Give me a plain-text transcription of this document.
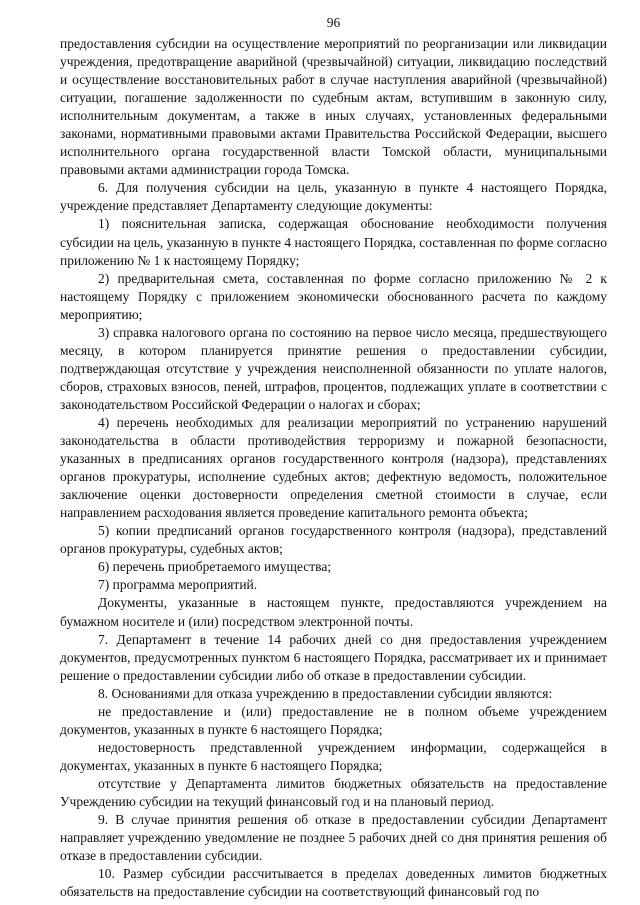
96

предоставления субсидии на осуществление мероприятий по реорганизации или ликвидации учреждения, предотвращение аварийной (чрезвычайной) ситуации, ликвидацию последствий и осуществление восстановительных работ в случае наступления аварийной (чрезвычайной) ситуации, погашение задолженности по судебным актам, вступившим в законную силу, исполнительным документам, а также в иных случаях, установленных федеральными законами, нормативными правовыми актами Правительства Российской Федерации, высшего исполнительного органа государственной власти Томской области, муниципальными правовыми актами администрации города Томска.

6. Для получения субсидии на цель, указанную в пункте 4 настоящего Порядка, учреждение представляет Департаменту следующие документы:

1) пояснительная записка, содержащая обоснование необходимости получения субсидии на цель, указанную в пункте 4 настоящего Порядка, составленная по форме согласно приложению № 1 к настоящему Порядку;

2) предварительная смета, составленная по форме согласно приложению № 2 к настоящему Порядку с приложением экономически обоснованного расчета по каждому мероприятию;

3) справка налогового органа по состоянию на первое число месяца, предшествующего месяцу, в котором планируется принятие решения о предоставлении субсидии, подтверждающая отсутствие у учреждения неисполненной обязанности по уплате налогов, сборов, страховых взносов, пеней, штрафов, процентов, подлежащих уплате в соответствии с законодательством Российской Федерации о налогах и сборах;

4) перечень необходимых для реализации мероприятий по устранению нарушений законодательства в области противодействия терроризму и пожарной безопасности, указанных в предписаниях органов государственного контроля (надзора), представлениях органов прокуратуры, исполнение судебных актов; дефектную ведомость, положительное заключение оценки достоверности определения сметной стоимости в случае, если направлением расходования является проведение капитального ремонта объекта;

5) копии предписаний органов государственного контроля (надзора), представлений органов прокуратуры, судебных актов;

6) перечень приобретаемого имущества;

7) программа мероприятий.

Документы, указанные в настоящем пункте, предоставляются учреждением на бумажном носителе и (или) посредством электронной почты.

7. Департамент в течение 14 рабочих дней со дня предоставления учреждением документов, предусмотренных пунктом 6 настоящего Порядка, рассматривает их и принимает решение о предоставлении субсидии либо об отказе в предоставлении субсидии.

8. Основаниями для отказа учреждению в предоставлении субсидии являются:

не предоставление и (или) предоставление не в полном объеме учреждением документов, указанных в пункте 6 настоящего Порядка;

недостоверность представленной учреждением информации, содержащейся в документах, указанных в пункте 6 настоящего Порядка;

отсутствие у Департамента лимитов бюджетных обязательств на предоставление Учреждению субсидии на текущий финансовый год и на плановый период.

9. В случае принятия решения об отказе в предоставлении субсидии Департамент направляет учреждению уведомление не позднее 5 рабочих дней со дня принятия решения об отказе в предоставлении субсидии.

10. Размер субсидии рассчитывается в пределах доведенных лимитов бюджетных обязательств на предоставление субсидии на соответствующий финансовый год по
